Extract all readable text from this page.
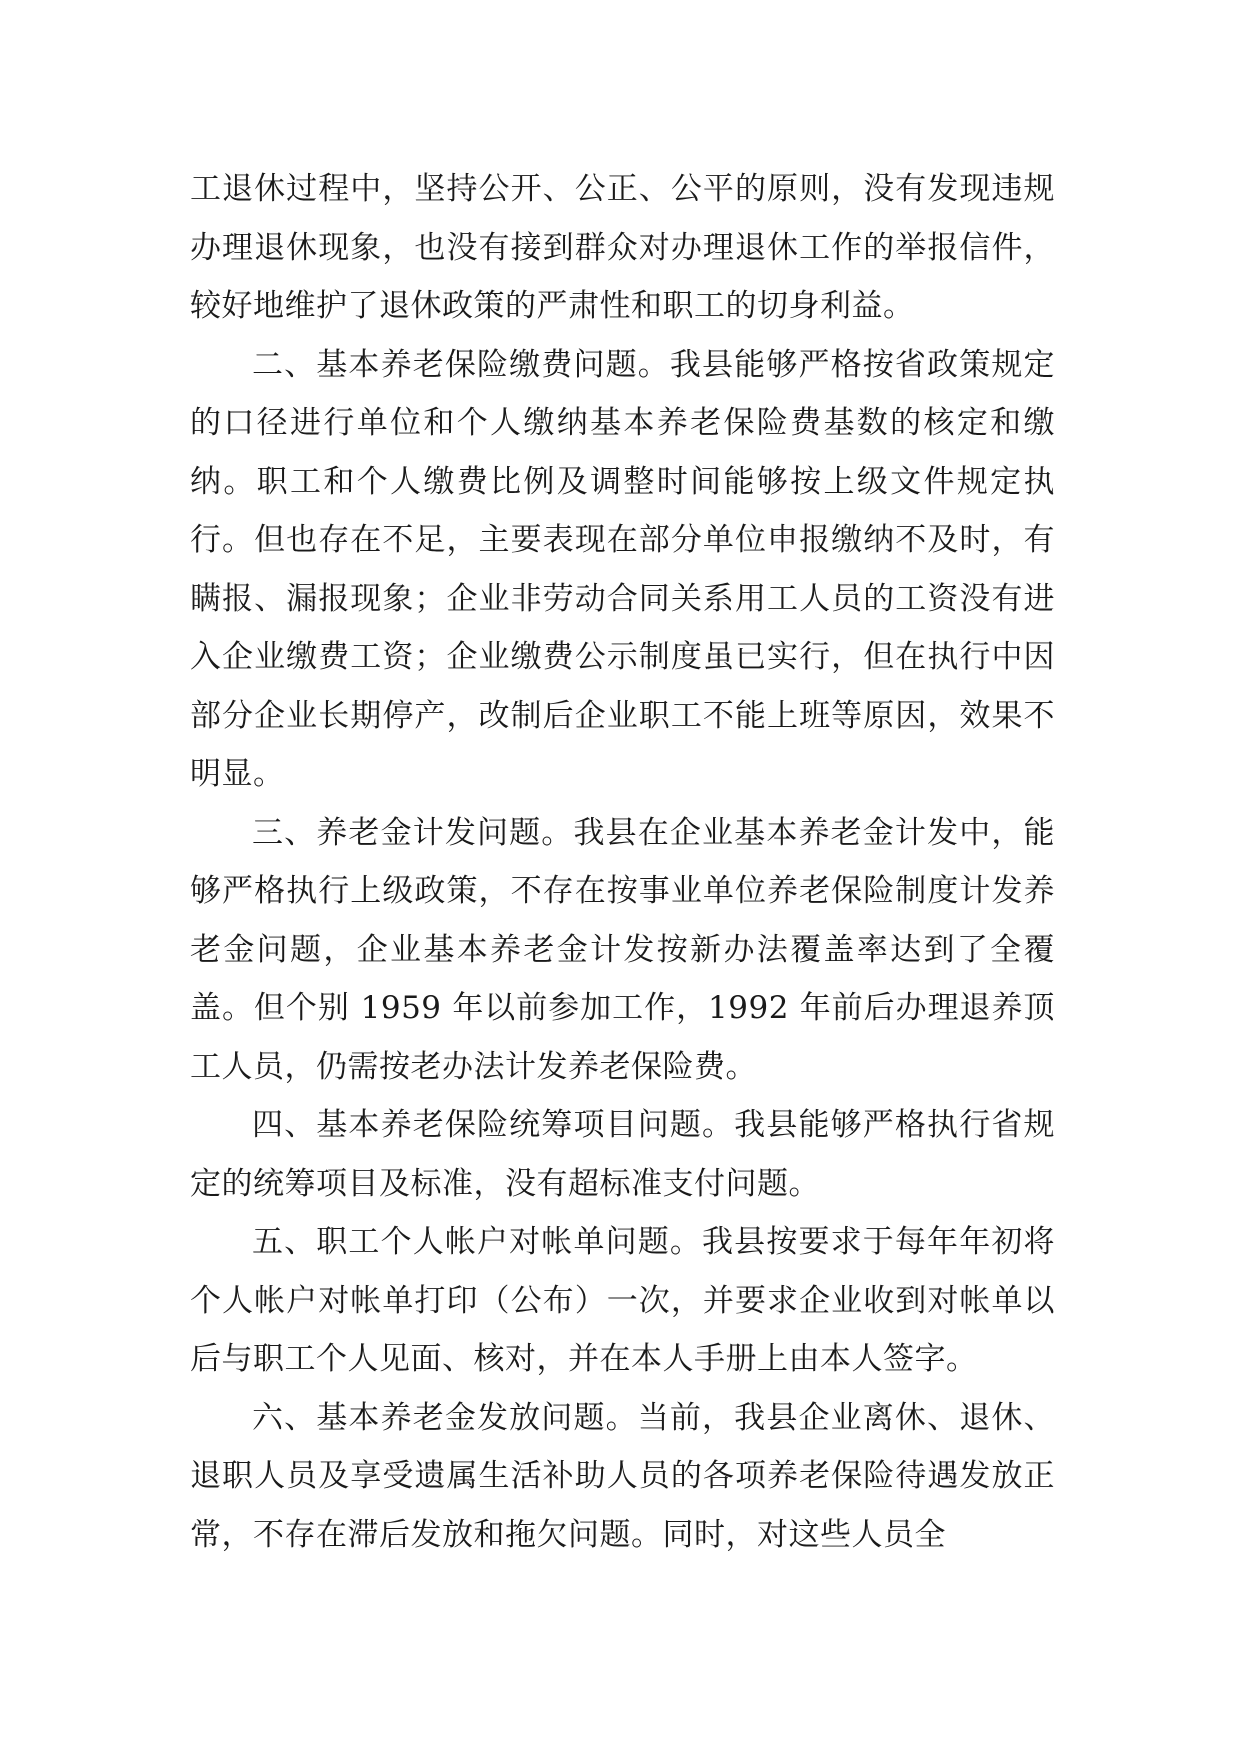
工退休过程中，坚持公开、公正、公平的原则，没有发现违规办理退休现象，也没有接到群众对办理退休工作的举报信件，较好地维护了退休政策的严肃性和职工的切身利益。

二、基本养老保险缴费问题。我县能够严格按省政策规定的口径进行单位和个人缴纳基本养老保险费基数的核定和缴纳。职工和个人缴费比例及调整时间能够按上级文件规定执行。但也存在不足，主要表现在部分单位申报缴纳不及时，有瞒报、漏报现象；企业非劳动合同关系用工人员的工资没有进入企业缴费工资；企业缴费公示制度虽已实行，但在执行中因部分企业长期停产，改制后企业职工不能上班等原因，效果不明显。

三、养老金计发问题。我县在企业基本养老金计发中，能够严格执行上级政策，不存在按事业单位养老保险制度计发养老金问题，企业基本养老金计发按新办法覆盖率达到了全覆盖。但个别 1959 年以前参加工作，1992 年前后办理退养顶工人员，仍需按老办法计发养老保险费。

四、基本养老保险统筹项目问题。我县能够严格执行省规定的统筹项目及标准，没有超标准支付问题。

五、职工个人帐户对帐单问题。我县按要求于每年年初将个人帐户对帐单打印（公布）一次，并要求企业收到对帐单以后与职工个人见面、核对，并在本人手册上由本人签字。

六、基本养老金发放问题。当前，我县企业离休、退休、退职人员及享受遗属生活补助人员的各项养老保险待遇发放正常，不存在滞后发放和拖欠问题。同时，对这些人员全
